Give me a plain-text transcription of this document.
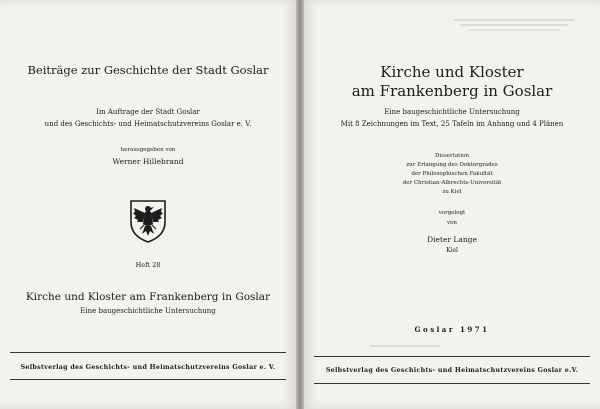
Beiträge zur Geschichte der Stadt Goslar
Im Auftrage der Stadt Goslar
und des Geschichts- und Heimatschutzvereins Goslar e. V.
herausgegeben von
Werner Hillebrand
Heft 28
Kirche und Kloster am Frankenberg in Goslar
Eine baugeschichtliche Untersuchung
Selbstverlag des Geschichts- und Heimatschutzvereins Goslar e. V.
Kirche und Kloster
am Frankenberg in Goslar
Eine baugeschichtliche Untersuchung
Mit 8 Zeichnungen im Text, 25 Tafeln im Anhang und 4 Plänen
Dissertation
zur Erlangung des Doktorgrades
der Philosophischen Fakultät
der Christian-Albrechts-Universität
zu Kiel
vorgelegt
von
Dieter Lange
Kiel
Goslar 1971
Selbstverlag des Geschichts- und Heimatschutzvereins Goslar e.V.
